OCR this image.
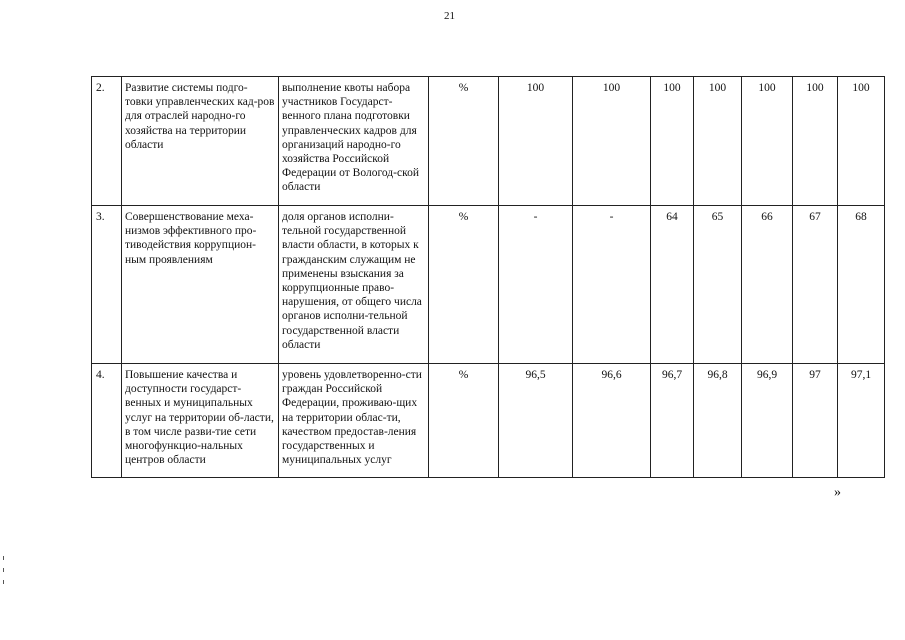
21
2.	Развитие системы подго-товки управленческих кад-ров для отраслей народно-го хозяйства на территории области	выполнение квоты набора участников Государст-венного плана подготовки управленческих кадров для организаций народно-го хозяйства Российской Федерации от Вологод-ской области	%	100	100	100	100	100	100	100
3.	Совершенствование меха-низмов эффективного про-тиводействия коррупцион-ным проявлениям	доля органов исполни-тельной государственной власти области, в которых к гражданским служащим не применены взыскания за коррупционные право-нарушения, от общего числа органов исполни-тельной государственной власти области	%	-	-	64	65	66	67	68
4.	Повышение качества и доступности государст-венных и муниципальных услуг на территории об-ласти, в том числе разви-тие сети многофункцио-нальных центров области	уровень удовлетворенно-сти граждан Российской Федерации, проживаю-щих на территории облас-ти, качеством предостав-ления государственных и муниципальных услуг	%	96,5	96,6	96,7	96,8	96,9	97	97,1
»
